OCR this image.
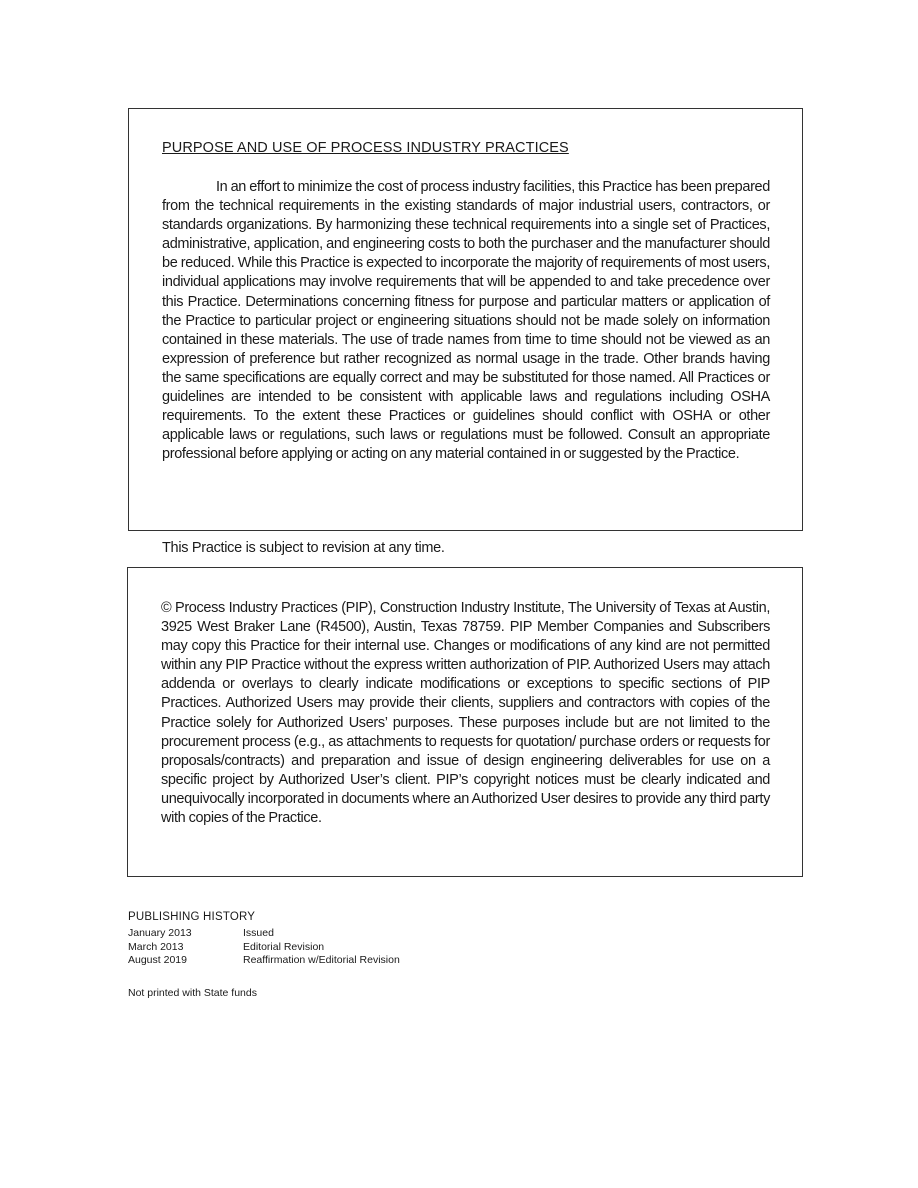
PURPOSE AND USE OF PROCESS INDUSTRY PRACTICES

In an effort to minimize the cost of process industry facilities, this Practice has been prepared from the technical requirements in the existing standards of major industrial users, contractors, or standards organizations. By harmonizing these technical requirements into a single set of Practices, administrative, application, and engineering costs to both the purchaser and the manufacturer should be reduced. While this Practice is expected to incorporate the majority of requirements of most users, individual applications may involve requirements that will be appended to and take precedence over this Practice. Determinations concerning fitness for purpose and particular matters or application of the Practice to particular project or engineering situations should not be made solely on information contained in these materials. The use of trade names from time to time should not be viewed as an expression of preference but rather recognized as normal usage in the trade. Other brands having the same specifications are equally correct and may be substituted for those named. All Practices or guidelines are intended to be consistent with applicable laws and regulations including OSHA requirements. To the extent these Practices or guidelines should conflict with OSHA or other applicable laws or regulations, such laws or regulations must be followed. Consult an appropriate professional before applying or acting on any material contained in or suggested by the Practice.

This Practice is subject to revision at any time.

© Process Industry Practices (PIP), Construction Industry Institute, The University of Texas at Austin, 3925 West Braker Lane (R4500), Austin, Texas 78759. PIP Member Companies and Subscribers may copy this Practice for their internal use. Changes or modifications of any kind are not permitted within any PIP Practice without the express written authorization of PIP. Authorized Users may attach addenda or overlays to clearly indicate modifications or exceptions to specific sections of PIP Practices. Authorized Users may provide their clients, suppliers and contractors with copies of the Practice solely for Authorized Users’ purposes. These purposes include but are not limited to the procurement process (e.g., as attachments to requests for quotation/ purchase orders or requests for proposals/contracts) and preparation and issue of design engineering deliverables for use on a specific project by Authorized User’s client. PIP’s copyright notices must be clearly indicated and unequivocally incorporated in documents where an Authorized User desires to provide any third party with copies of the Practice.

PUBLISHING HISTORY

January 2013	Issued
March 2013	Editorial Revision
August 2019	Reaffirmation w/Editorial Revision

Not printed with State funds
